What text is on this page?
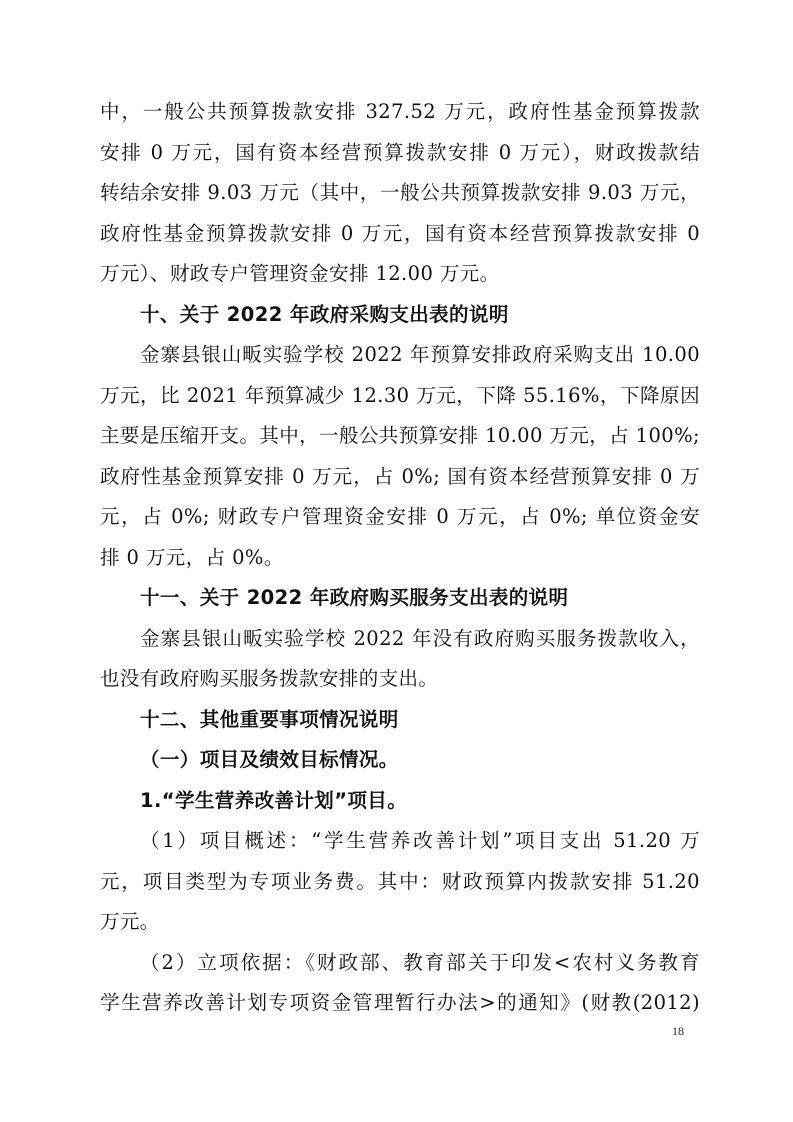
中，一般公共预算拨款安排 327.52 万元，政府性基金预算拨款
安排 0 万元，国有资本经营预算拨款安排 0 万元），财政拨款结
转结余安排 9.03 万元（其中，一般公共预算拨款安排 9.03 万元，
政府性基金预算拨款安排 0 万元，国有资本经营预算拨款安排 0
万元）、财政专户管理资金安排 12.00 万元。
十、关于 2022 年政府采购支出表的说明
金寨县银山畈实验学校 2022 年预算安排政府采购支出 10.00
万元，比 2021 年预算减少 12.30 万元，下降 55.16%，下降原因
主要是压缩开支。其中，一般公共预算安排 10.00 万元，占 100%;
政府性基金预算安排 0 万元，占 0%; 国有资本经营预算安排 0 万
元，占 0%; 财政专户管理资金安排 0 万元，占 0%; 单位资金安
排 0 万元，占 0%。
十一、关于 2022 年政府购买服务支出表的说明
金寨县银山畈实验学校 2022 年没有政府购买服务拨款收入，
也没有政府购买服务拨款安排的支出。
十二、其他重要事项情况说明
（一）项目及绩效目标情况。
1.“学生营养改善计划”项目。
（1）项目概述：“学生营养改善计划”项目支出 51.20 万
元，项目类型为专项业务费。其中：财政预算内拨款安排 51.20
万元。
（2）立项依据：《财政部、教育部关于印发<农村义务教育
学生营养改善计划专项资金管理暂行办法>的通知》(财教(2012)
18
